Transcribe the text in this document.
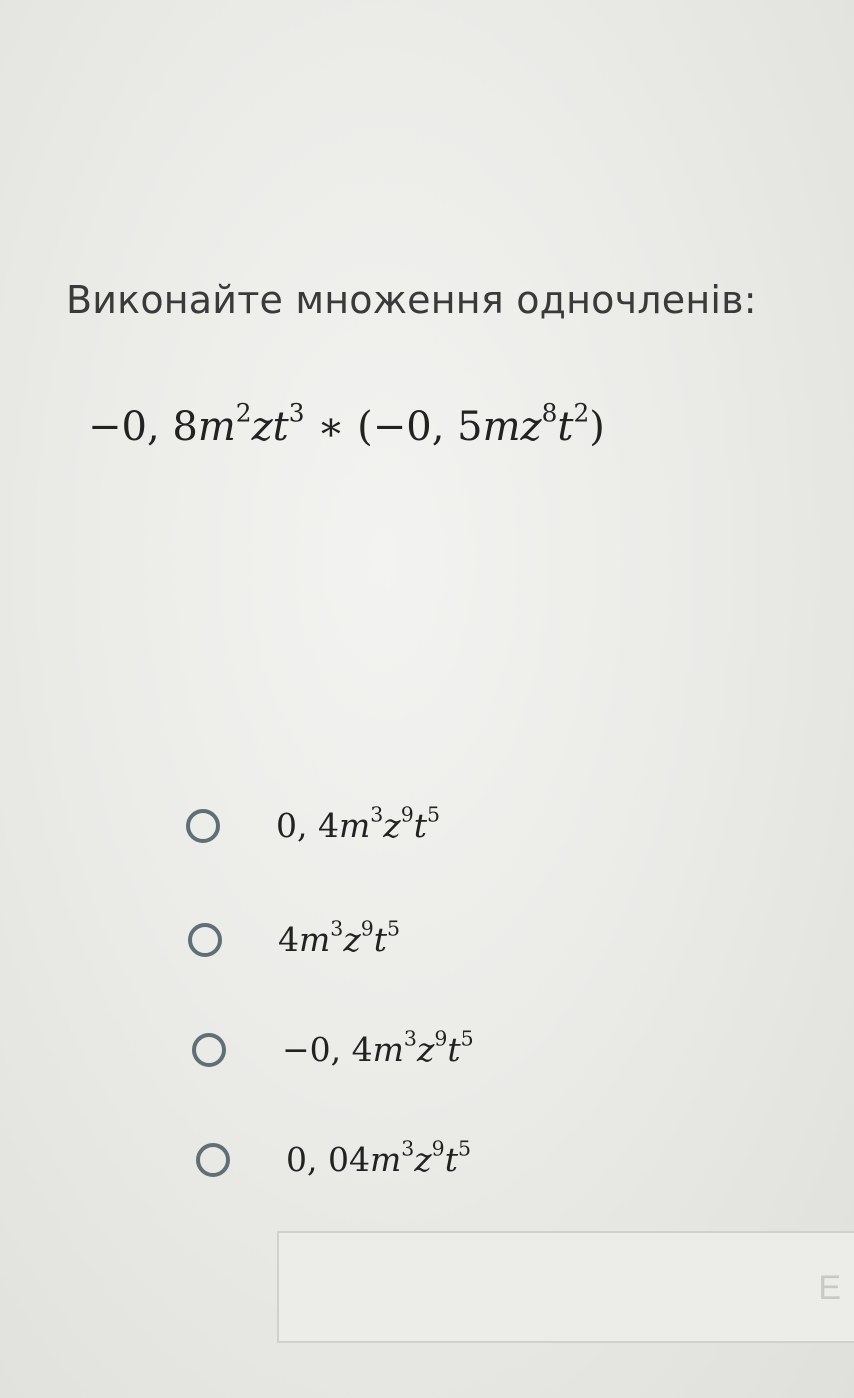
Виконайте множення одночленів:
−0, $8m^2zt^3$ ∗ (−0, $5mz^8t^2$)
0, $4m^3z^9t^5$
$4m^3z^9t^5$
−0, $4m^3z^9t^5$
0, $04m^3z^9t^5$
E
